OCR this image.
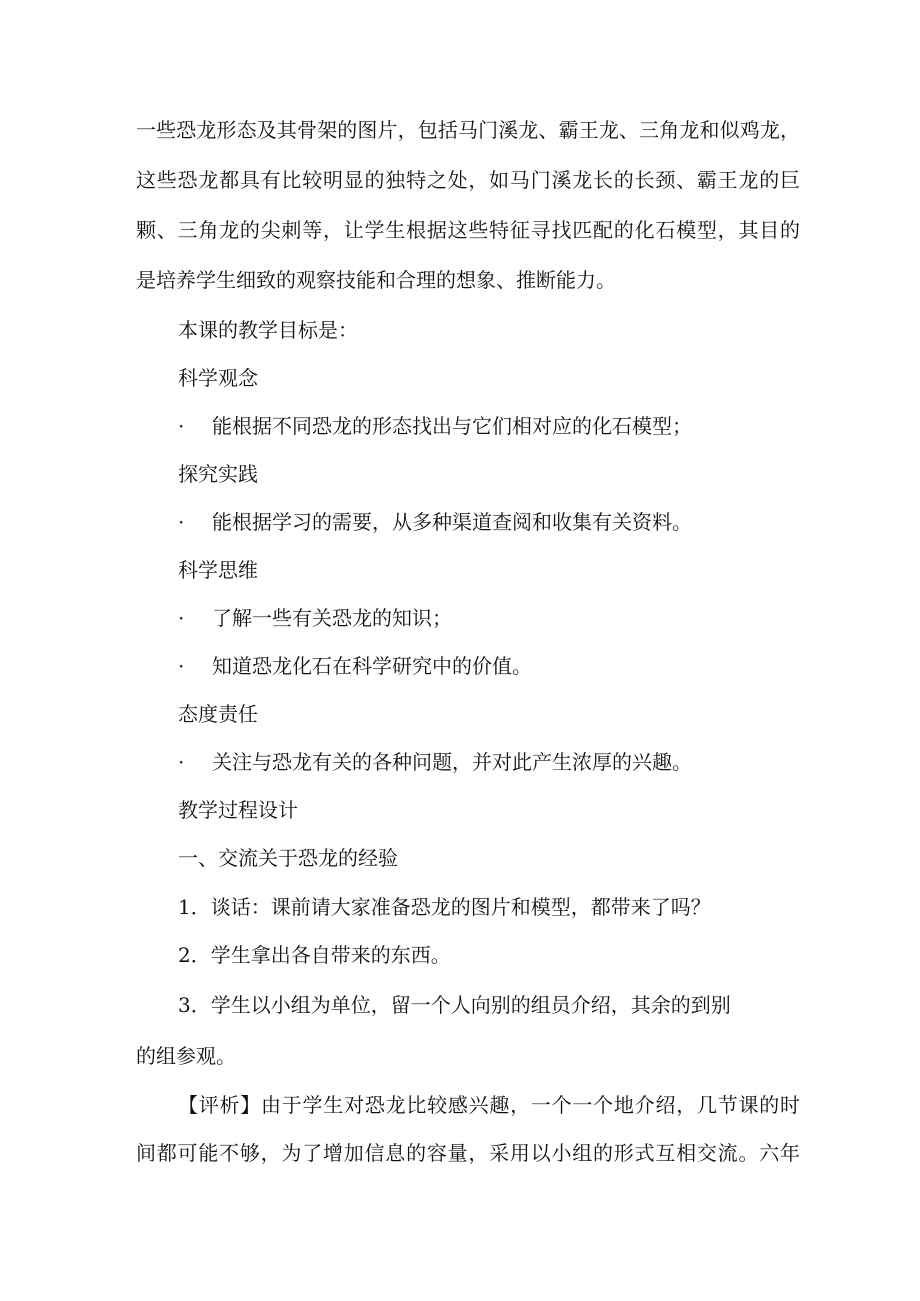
一些恐龙形态及其骨架的图片，包括马门溪龙、霸王龙、三角龙和似鸡龙，
这些恐龙都具有比较明显的独特之处，如马门溪龙长的长颈、霸王龙的巨
颗、三角龙的尖刺等，让学生根据这些特征寻找匹配的化石模型，其目的
是培养学生细致的观察技能和合理的想象、推断能力。
本课的教学目标是：
科学观念
· 能根据不同恐龙的形态找出与它们相对应的化石模型；
探究实践
· 能根据学习的需要，从多种渠道查阅和收集有关资料。
科学思维
· 了解一些有关恐龙的知识；
· 知道恐龙化石在科学研究中的价值。
态度责任
· 关注与恐龙有关的各种问题，并对此产生浓厚的兴趣。
教学过程设计
一、交流关于恐龙的经验
1．谈话：课前请大家准备恐龙的图片和模型，都带来了吗？
2．学生拿出各自带来的东西。
3．学生以小组为单位，留一个人向别的组员介绍，其余的到别
的组参观。
【评析】由于学生对恐龙比较感兴趣，一个一个地介绍，几节课的时
间都可能不够，为了增加信息的容量，采用以小组的形式互相交流。六年
